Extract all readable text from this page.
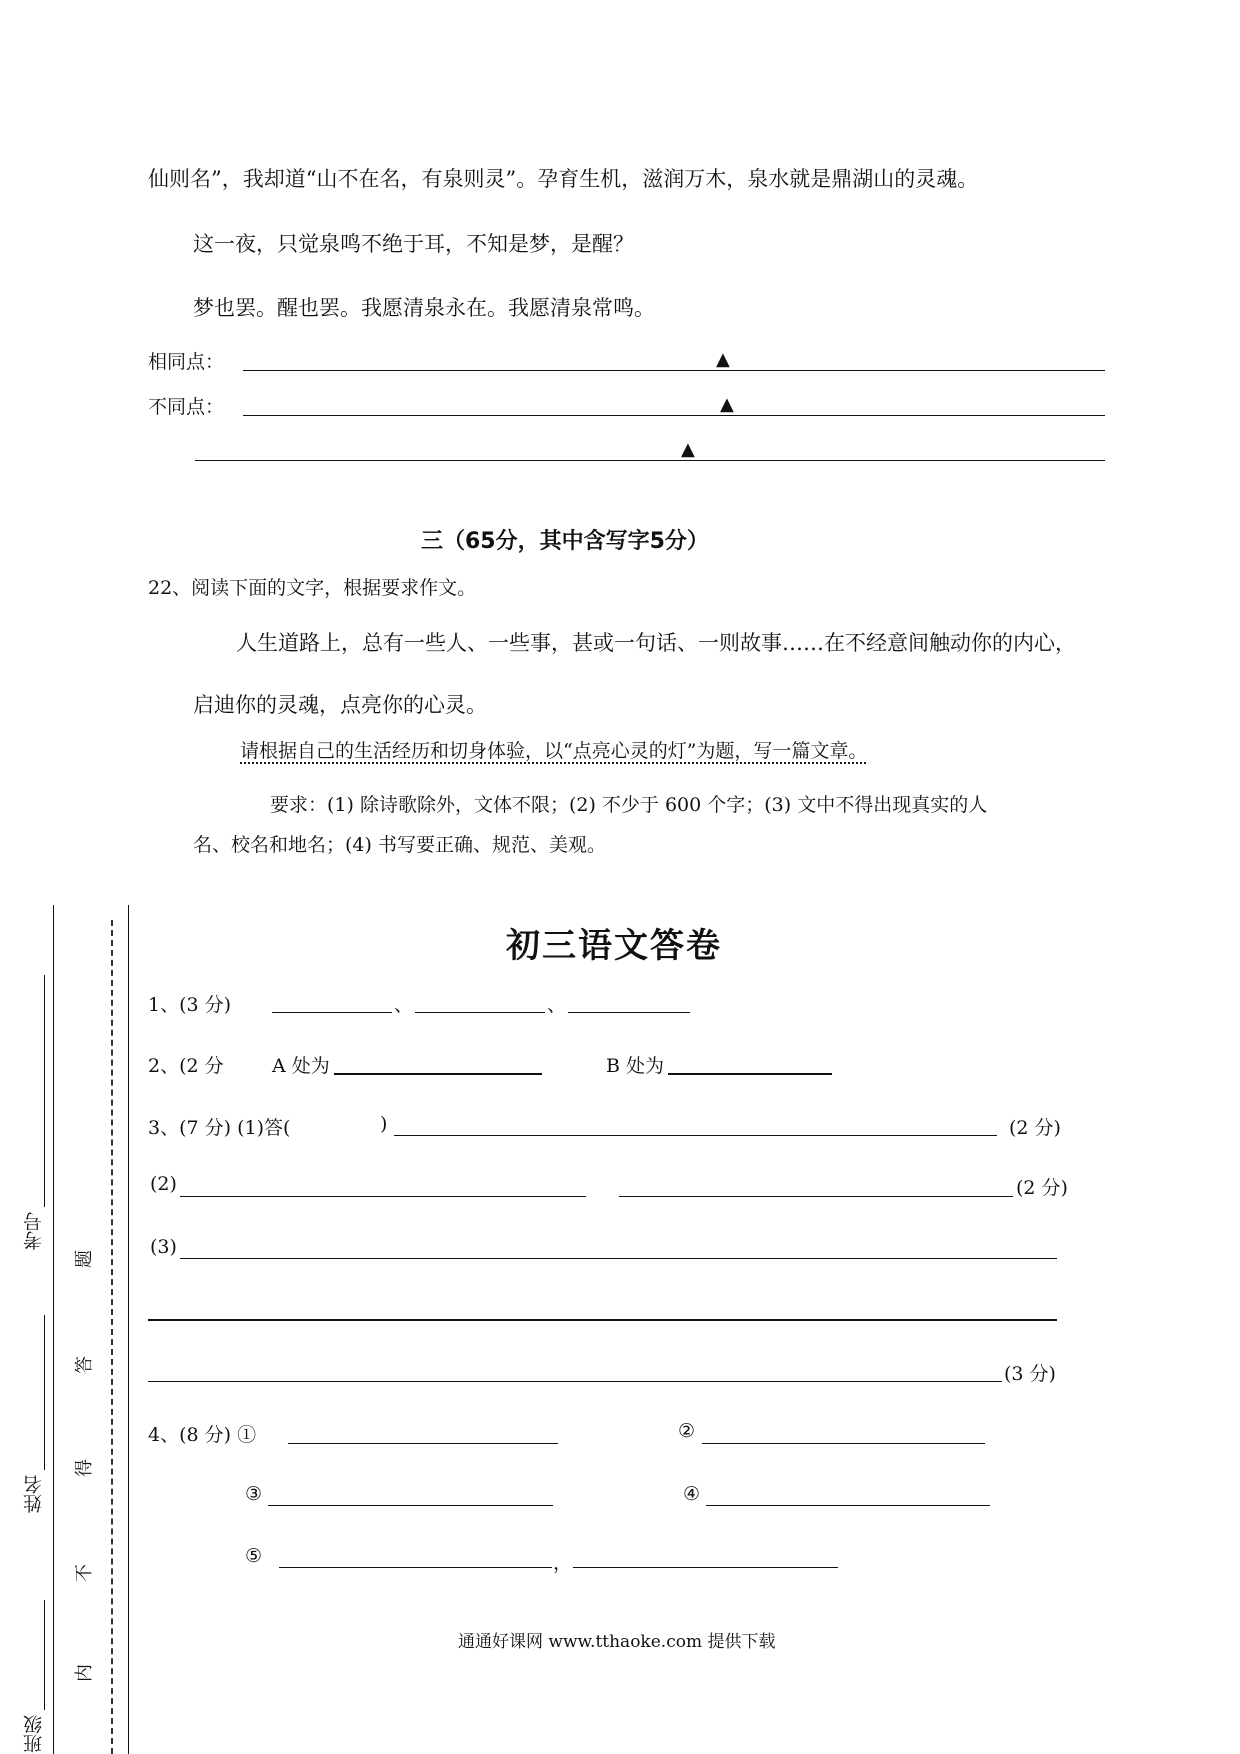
仙则名”，我却道“山不在名，有泉则灵”。孕育生机，滋润万木，泉水就是鼎湖山的灵魂。
这一夜，只觉泉鸣不绝于耳，不知是梦，是醒？
梦也罢。醒也罢。我愿清泉永在。我愿清泉常鸣。
相同点：	▲
不同点：	▲
▲
三（65分，其中含写字5分）
22、阅读下面的文字，根据要求作文。
人生道路上，总有一些人、一些事，甚或一句话、一则故事……在不经意间触动你的内心，
启迪你的灵魂，点亮你的心灵。
请根据自己的生活经历和切身体验，以“点亮心灵的灯”为题，写一篇文章。
要求：(1) 除诗歌除外，文体不限；(2) 不少于 600 个字；(3) 文中不得出现真实的人
名、校名和地名；(4) 书写要正确、规范、美观。
考号
姓名
班级
内
不
得
答
题
初三语文答卷
1、(3 分)	、	、
2、(2 分	A 处为	B 处为
3、(7 分) (1)答(	)	(2 分)
(2)	(2 分)
(3)
(3 分)
4、(8 分) ①	②
③	④
⑤	，
通通好课网 www.tthaoke.com 提供下载
